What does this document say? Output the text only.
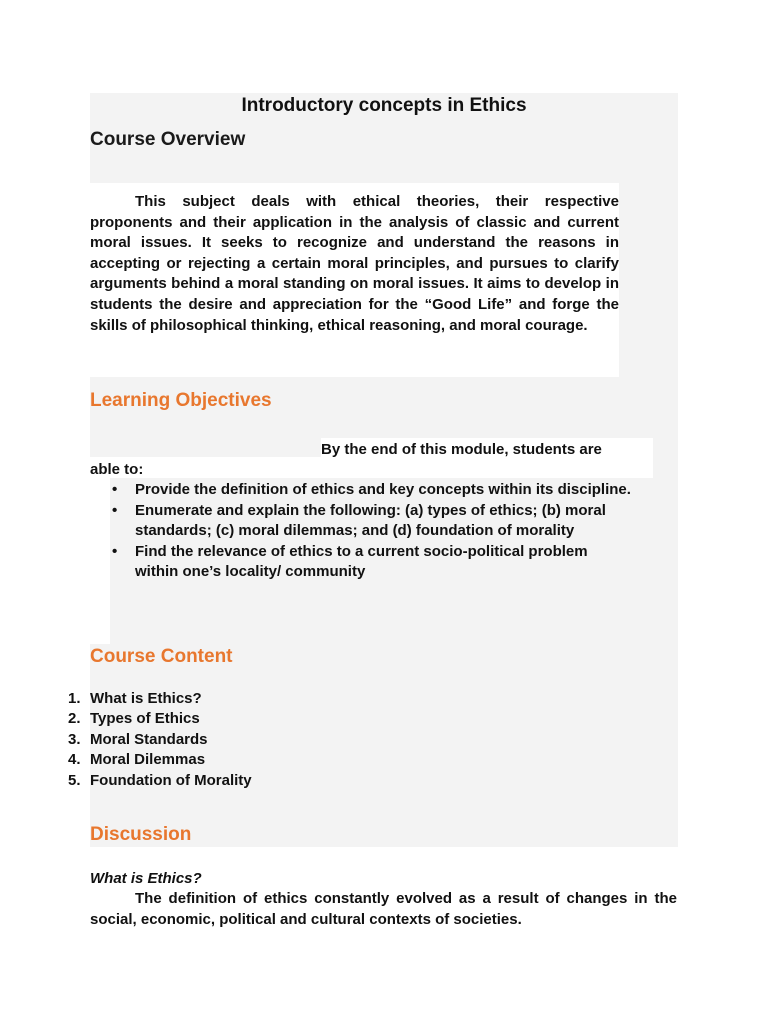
Introductory concepts in Ethics
Course Overview
This subject deals with ethical theories, their respective proponents and their application in the analysis of classic and current moral issues. It seeks to recognize and understand the reasons in accepting or rejecting a certain moral principles, and pursues to clarify arguments behind a moral standing on moral issues. It aims to develop in students the desire and appreciation for the “Good Life” and forge the skills of philosophical thinking, ethical reasoning, and moral courage.
Learning Objectives
By the end of this module, students are
able to:
• Provide the definition of ethics and key concepts within its discipline.
• Enumerate and explain the following: (a) types of ethics; (b) moral standards; (c) moral dilemmas; and (d) foundation of morality
• Find the relevance of ethics to a current socio-political problem within one’s locality/ community
Course Content
1. What is Ethics?
2. Types of Ethics
3. Moral Standards
4. Moral Dilemmas
5. Foundation of Morality
Discussion
What is Ethics?
The definition of ethics constantly evolved as a result of changes in the social, economic, political and cultural contexts of societies.
